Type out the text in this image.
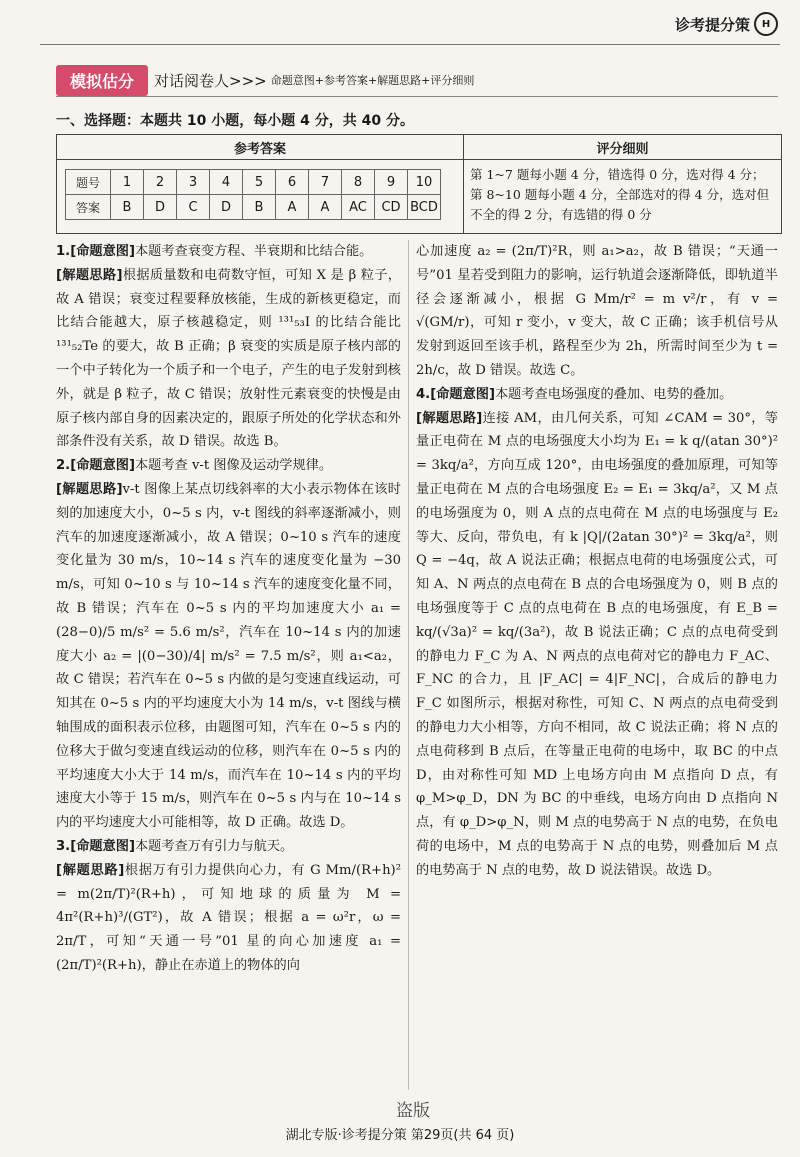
诊考提分策	H
模拟估分	对话阅卷人>>> 命题意图+参考答案+解题思路+评分细则
一、选择题：本题共 10 小题，每小题 4 分，共 40 分。
参考答案
题号	1	2	3	4	5	6	7	8	9	10
答案	B	D	C	D	B	A	A	AC	CD	BCD
评分细则
第 1~7 题每小题 4 分，错选得 0 分，选对得 4 分；
第 8~10 题每小题 4 分，全部选对的得 4 分，选对但不全的得 2 分，有选错的得 0 分

1.[命题意图]本题考查衰变方程、半衰期和比结合能。

[解题思路]根据质量数和电荷数守恒，可知 X 是 β 粒子，故 A 错误；衰变过程要释放核能，生成的新核更稳定，而比结合能越大，原子核越稳定，则 ¹³¹₅₃I 的比结合能比 ¹³¹₅₂Te 的要大，故 B 正确；β 衰变的实质是原子核内部的一个中子转化为一个质子和一个电子，产生的电子发射到核外，就是 β 粒子，故 C 错误；放射性元素衰变的快慢是由原子核内部自身的因素决定的，跟原子所处的化学状态和外部条件没有关系，故 D 错误。故选 B。

2.[命题意图]本题考查 v-t 图像及运动学规律。

[解题思路]v-t 图像上某点切线斜率的大小表示物体在该时刻的加速度大小，0~5 s 内，v-t 图线的斜率逐渐减小，则汽车的加速度逐渐减小，故 A 错误；0~10 s 汽车的速度变化量为 30 m/s，10~14 s 汽车的速度变化量为 −30 m/s，可知 0~10 s 与 10~14 s 汽车的速度变化量不同，故 B 错误；汽车在 0~5 s 内的平均加速度大小 a₁ = (28−0)/5 m/s² = 5.6 m/s²，汽车在 10~14 s 内的加速度大小 a₂ = |(0−30)/4| m/s² = 7.5 m/s²，则 a₁<a₂，故 C 错误；若汽车在 0~5 s 内做的是匀变速直线运动，可知其在 0~5 s 内的平均速度大小为 14 m/s，v-t 图线与横轴围成的面积表示位移，由题图可知，汽车在 0~5 s 内的位移大于做匀变速直线运动的位移，则汽车在 0~5 s 内的平均速度大小大于 14 m/s，而汽车在 10~14 s 内的平均速度大小等于 15 m/s，则汽车在 0~5 s 内与在 10~14 s 内的平均速度大小可能相等，故 D 正确。故选 D。

3.[命题意图]本题考查万有引力与航天。

[解题思路]根据万有引力提供向心力，有 G Mm/(R+h)² = m(2π/T)²(R+h)，可知地球的质量为 M = 4π²(R+h)³/(GT²)，故 A 错误；根据 a = ω²r，ω = 2π/T，可知“天通一号”01 星的向心加速度 a₁ = (2π/T)²(R+h)，静止在赤道上的物体的向

心加速度 a₂ = (2π/T)²R，则 a₁>a₂，故 B 错误；“天通一号”01 星若受到阻力的影响，运行轨道会逐渐降低，即轨道半径会逐渐减小，根据 G Mm/r² = m v²/r，有 v = √(GM/r)，可知 r 变小，v 变大，故 C 正确；该手机信号从发射到返回至该手机，路程至少为 2h，所需时间至少为 t = 2h/c，故 D 错误。故选 C。

4.[命题意图]本题考查电场强度的叠加、电势的叠加。

[解题思路]连接 AM，由几何关系，可知 ∠CAM = 30°，等量正电荷在 M 点的电场强度大小均为 E₁ = k q/(atan 30°)² = 3kq/a²，方向互成 120°，由电场强度的叠加原理，可知等量正电荷在 M 点的合电场强度 E₂ = E₁ = 3kq/a²，又 M 点的电场强度为 0，则 A 点的点电荷在 M 点的电场强度与 E₂ 等大、反向，带负电，有 k |Q|/(2atan 30°)² = 3kq/a²，则 Q = −4q，故 A 说法正确；根据点电荷的电场强度公式，可知 A、N 两点的点电荷在 B 点的合电场强度为 0，则 B 点的电场强度等于 C 点的点电荷在 B 点的电场强度，有 E_B = kq/(√3a)² = kq/(3a²)，故 B 说法正确；C 点的点电荷受到的静电力 F_C 为 A、N 两点的点电荷对它的静电力 F_AC、F_NC 的合力，且 |F_AC| = 4|F_NC|，合成后的静电力 F_C 如图所示，根据对称性，可知 C、N 两点的点电荷受到的静电力大小相等，方向不相同，故 C 说法正确；将 N 点的点电荷移到 B 点后，在等量正电荷的电场中，取 BC 的中点 D，由对称性可知 MD 上电场方向由 M 点指向 D 点，有 φ_M>φ_D，DN 为 BC 的中垂线，电场方向由 D 点指向 N 点，有 φ_D>φ_N，则 M 点的电势高于 N 点的电势，在负电荷的电场中，M 点的电势高于 N 点的电势，则叠加后 M 点的电势高于 N 点的电势，故 D 说法错误。故选 D。

盗版
湖北专版·诊考提分策 第29页(共 64 页)
